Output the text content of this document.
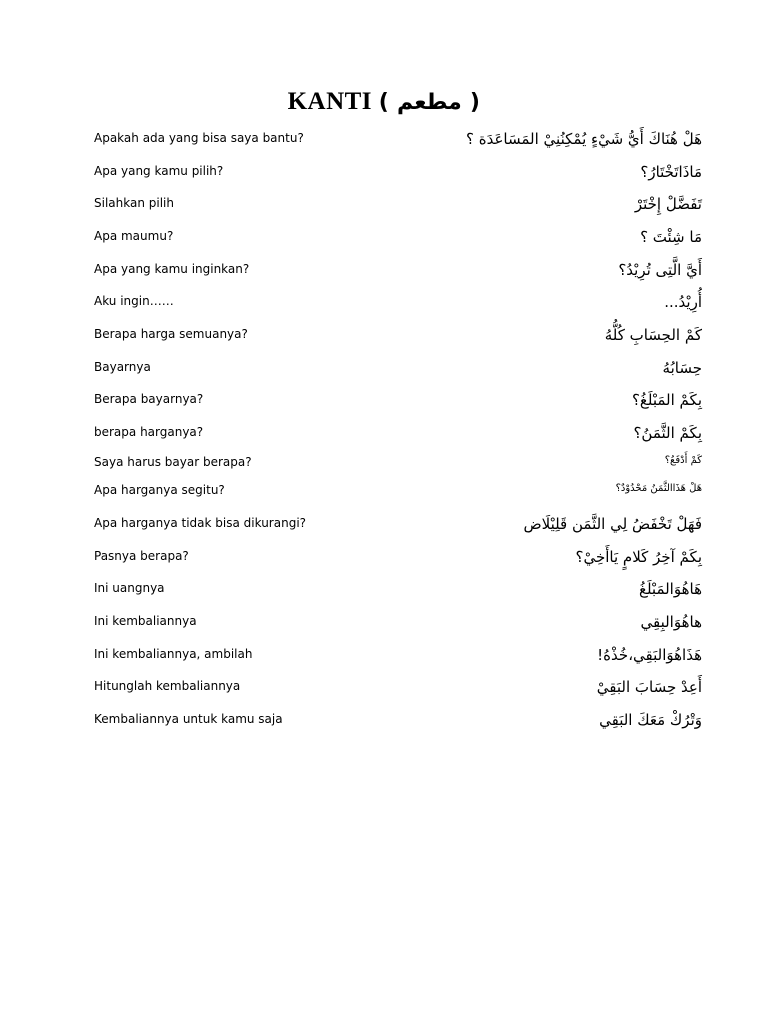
KANTI ( مطعم )
Apakah ada yang bisa saya bantu?	هَلْ هُنَاكَ أَيُّ شَيْءٍ يُمْكِنُنِيْ المَسَاعَدَة ؟
Apa yang kamu pilih?	مَاذَاتَخْتَارُ؟
Silahkan pilih	تَفَضَّلْ إِخْتَرْ
Apa maumu?	مَا شِئْتَ ؟
Apa yang kamu inginkan?	أَيَّ الَّتِى تُرِيْدُ؟
Aku ingin……	أُرِيْدُ...
Berapa harga semuanya?	كَمْ الحِسَابِ كُلُّهُ
Bayarnya	حِسَابُهُ
Berapa bayarnya?	بِكَمْ المَبْلَغُ؟
berapa harganya?	بِكَمْ الثَّمَنُ؟
Saya harus bayar berapa?	كَمْ أَدْفَعُ؟
Apa harganya segitu?	هَلْ هَذَاالثَّمَنُ مَحْدُوْدٌ؟
Apa harganya tidak bisa dikurangi?	فَهَلْ تَخْفَضُ لِي الثَّمَن قَلِيْلَاض
Pasnya berapa?	بِكَمْ آخِرُ كَلامٍ يَاأَخِيْ؟
Ini uangnya	هَاهُوَالمَبْلَغُ
Ini kembaliannya	هاهُوَالبِقِي
Ini kembaliannya, ambilah	هَذَاهُوَالبَقِي،خُذْهُ!
Hitunglah kembaliannya	أَعِدْ حِسَابَ البَقِيْ
Kembaliannya untuk kamu saja	وَتْرُكْ مَعَكَ البَقِي
